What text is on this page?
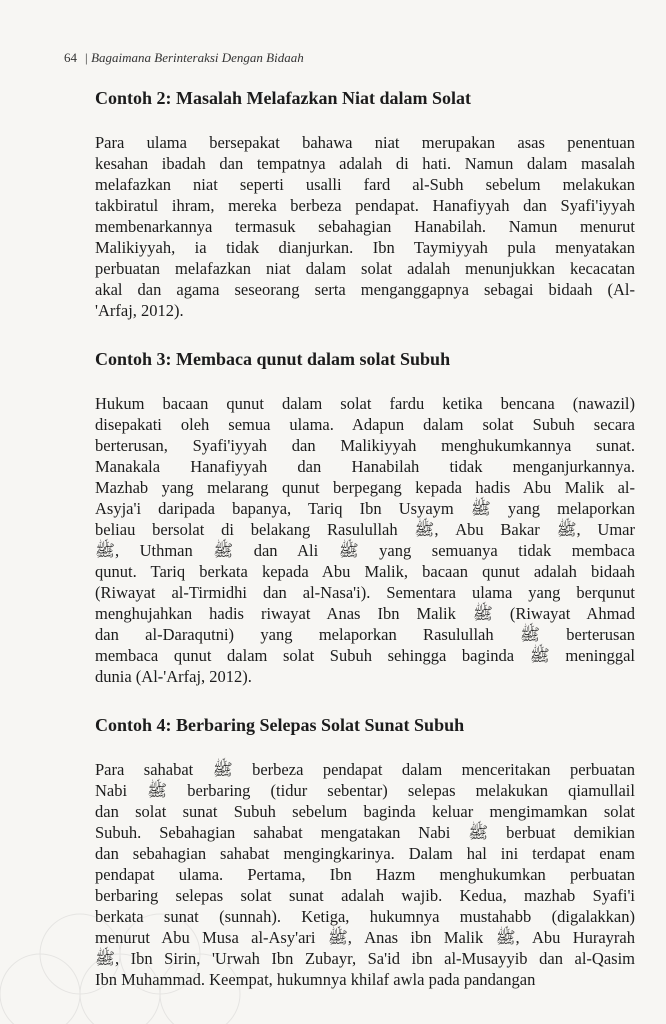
64 | Bagaimana Berinteraksi Dengan Bidaah
Contoh 2: Masalah Melafazkan Niat dalam Solat

Para ulama bersepakat bahawa niat merupakan asas penentuan
kesahan ibadah dan tempatnya adalah di hati. Namun dalam masalah
melafazkan niat seperti usalli fard al-Subh sebelum melakukan
takbiratul ihram, mereka berbeza pendapat. Hanafiyyah dan Syafi'iyyah
membenarkannya termasuk sebahagian Hanabilah. Namun menurut
Malikiyyah, ia tidak dianjurkan. Ibn Taymiyyah pula menyatakan
perbuatan melafazkan niat dalam solat adalah menunjukkan kecacatan
akal dan agama seseorang serta menganggapnya sebagai bidaah (Al-
'Arfaj, 2012).

Contoh 3: Membaca qunut dalam solat Subuh

Hukum bacaan qunut dalam solat fardu ketika bencana (nawazil)
disepakati oleh semua ulama. Adapun dalam solat Subuh secara
berterusan, Syafi'iyyah dan Malikiyyah menghukumkannya sunat.
Manakala Hanafiyyah dan Hanabilah tidak menganjurkannya.
Mazhab yang melarang qunut berpegang kepada hadis Abu Malik al-
Asyja'i daripada bapanya, Tariq Ibn Usyaym ﷺ yang melaporkan
beliau bersolat di belakang Rasulullah ﷺ, Abu Bakar ﷺ, Umar
ﷺ, Uthman ﷺ dan Ali ﷺ yang semuanya tidak membaca
qunut. Tariq berkata kepada Abu Malik, bacaan qunut adalah bidaah
(Riwayat al-Tirmidhi dan al-Nasa'i). Sementara ulama yang berqunut
menghujahkan hadis riwayat Anas Ibn Malik ﷺ (Riwayat Ahmad
dan al-Daraqutni) yang melaporkan Rasulullah ﷺ berterusan
membaca qunut dalam solat Subuh sehingga baginda ﷺ meninggal
dunia (Al-'Arfaj, 2012).

Contoh 4: Berbaring Selepas Solat Sunat Subuh

Para sahabat ﷺ berbeza pendapat dalam menceritakan perbuatan
Nabi ﷺ berbaring (tidur sebentar) selepas melakukan qiamullail
dan solat sunat Subuh sebelum baginda keluar mengimamkan solat
Subuh. Sebahagian sahabat mengatakan Nabi ﷺ berbuat demikian
dan sebahagian sahabat mengingkarinya. Dalam hal ini terdapat enam
pendapat ulama. Pertama, Ibn Hazm menghukumkan perbuatan
berbaring selepas solat sunat adalah wajib. Kedua, mazhab Syafi'i
berkata sunat (sunnah). Ketiga, hukumnya mustahabb (digalakkan)
menurut Abu Musa al-Asy'ari ﷺ, Anas ibn Malik ﷺ, Abu Hurayrah
ﷺ, Ibn Sirin, 'Urwah Ibn Zubayr, Sa'id ibn al-Musayyib dan al-Qasim
Ibn Muhammad. Keempat, hukumnya khilaf awla pada pandangan
